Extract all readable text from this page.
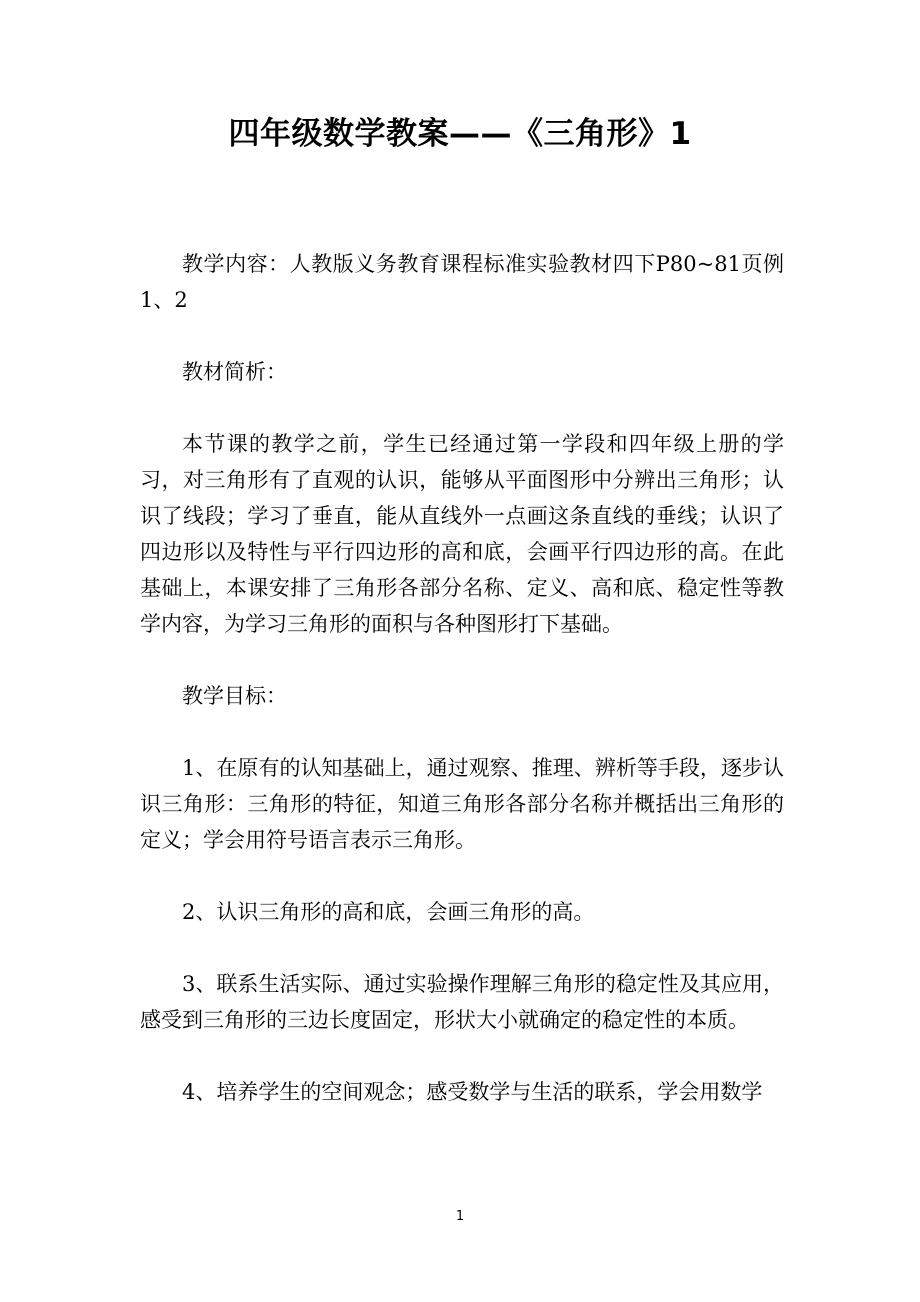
四年级数学教案——《三角形》1

教学内容：人教版义务教育课程标准实验教材四下P80~81页例1、2

教材简析：

本节课的教学之前，学生已经通过第一学段和四年级上册的学习，对三角形有了直观的认识，能够从平面图形中分辨出三角形；认识了线段；学习了垂直，能从直线外一点画这条直线的垂线；认识了四边形以及特性与平行四边形的高和底，会画平行四边形的高。在此基础上，本课安排了三角形各部分名称、定义、高和底、稳定性等教学内容，为学习三角形的面积与各种图形打下基础。

教学目标：

1、在原有的认知基础上，通过观察、推理、辨析等手段，逐步认识三角形：三角形的特征，知道三角形各部分名称并概括出三角形的定义；学会用符号语言表示三角形。

2、认识三角形的高和底，会画三角形的高。

3、联系生活实际、通过实验操作理解三角形的稳定性及其应用，感受到三角形的三边长度固定，形状大小就确定的稳定性的本质。

4、培养学生的空间观念；感受数学与生活的联系，学会用数学

1
